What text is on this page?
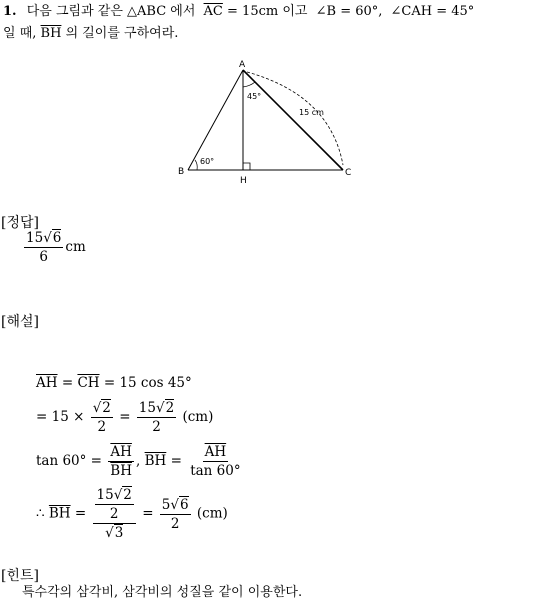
1. 다음 그림과 같은 △ABC 에서 $\overline{AC} = 15cm$ 이고 ∠B = 60°, ∠CAH = 45°
일 때, $\overline{BH}$ 의 길이를 구하여라.
A
B	C
H
45°
60°
15 cm
[정답]
$\frac{15√6}{6}$ cm
[해설]
$\overline{AH} = \overline{CH} = 15$ cos 45°
= $15 \times \frac{√2}{2} = \frac{15√2}{2} (cm)$
$\tan 60^\circ = \frac{\overline{AH}}{BH}$ , $\overline{BH} = \frac{\overline{AH}}{\tan 60^\circ}$
∴ $\overline{BH} = \frac{\frac{15√2}{2}}{√3} = \frac{5√6}{2} (cm)$
[힌트]
특수각의 삼각비, 삼각비의 성질을 같이 이용한다.
